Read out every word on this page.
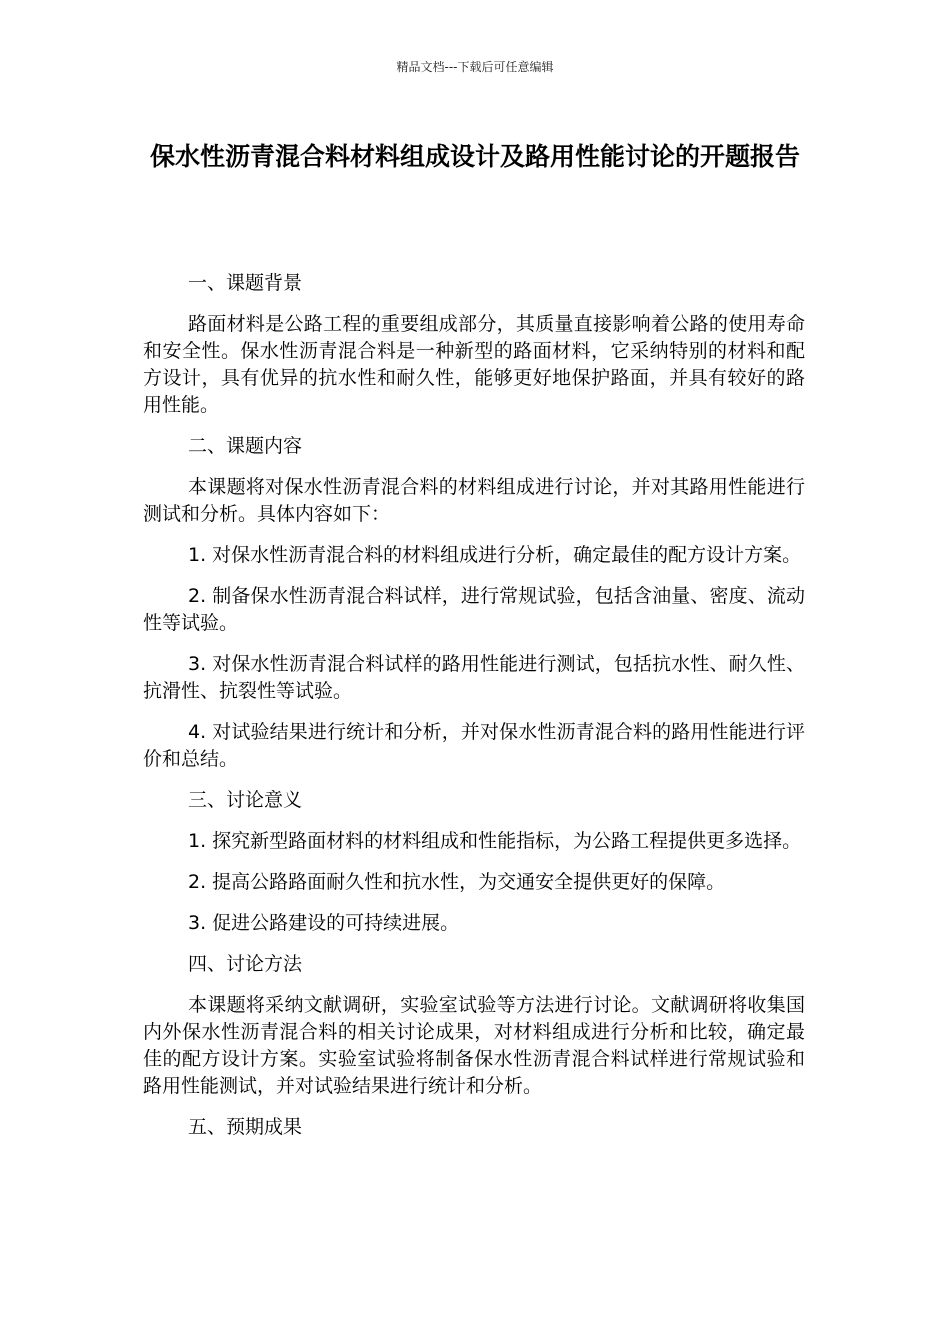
精品文档---下载后可任意编辑
保水性沥青混合料材料组成设计及路用性能讨论的开题报告

一、课题背景

路面材料是公路工程的重要组成部分，其质量直接影响着公路的使用寿命和安全性。保水性沥青混合料是一种新型的路面材料，它采纳特别的材料和配方设计，具有优异的抗水性和耐久性，能够更好地保护路面，并具有较好的路用性能。

二、课题内容

本课题将对保水性沥青混合料的材料组成进行讨论，并对其路用性能进行测试和分析。具体内容如下：

1. 对保水性沥青混合料的材料组成进行分析，确定最佳的配方设计方案。

2. 制备保水性沥青混合料试样，进行常规试验，包括含油量、密度、流动性等试验。

3. 对保水性沥青混合料试样的路用性能进行测试，包括抗水性、耐久性、抗滑性、抗裂性等试验。

4. 对试验结果进行统计和分析，并对保水性沥青混合料的路用性能进行评价和总结。

三、讨论意义

1. 探究新型路面材料的材料组成和性能指标，为公路工程提供更多选择。

2. 提高公路路面耐久性和抗水性，为交通安全提供更好的保障。

3. 促进公路建设的可持续进展。

四、讨论方法

本课题将采纳文献调研，实验室试验等方法进行讨论。文献调研将收集国内外保水性沥青混合料的相关讨论成果，对材料组成进行分析和比较，确定最佳的配方设计方案。实验室试验将制备保水性沥青混合料试样进行常规试验和路用性能测试，并对试验结果进行统计和分析。

五、预期成果
